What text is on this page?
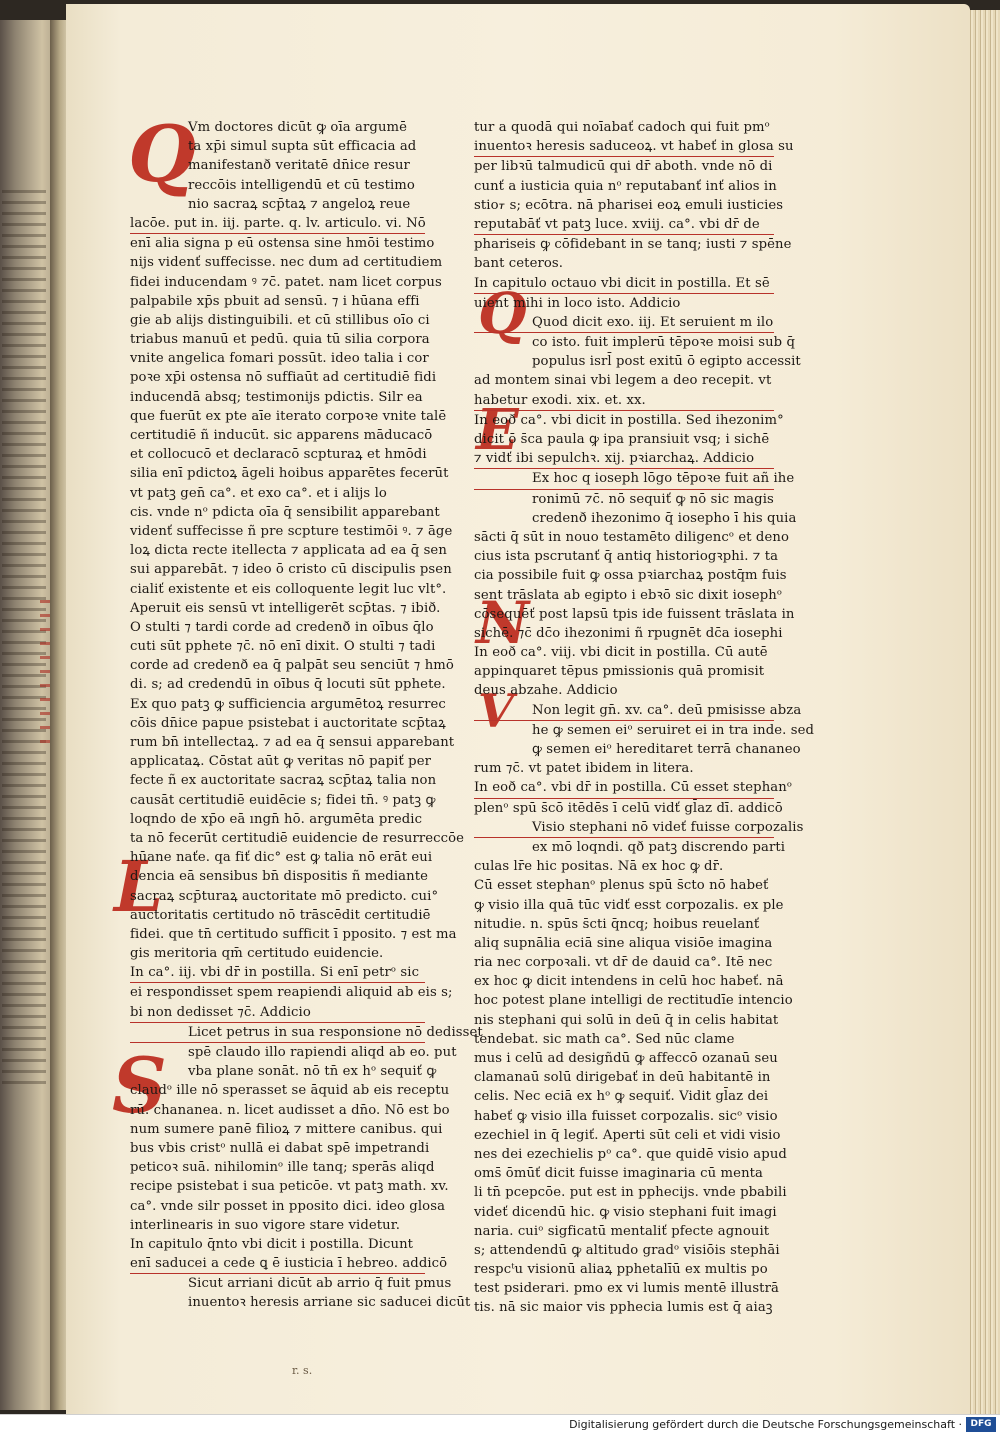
Q
L
S
Q
E
N
V
Vm doctores dicūt ꝙ oīa argumē
ta xp̄i simul supta sūt efficacia ad
manifestanð veritatē dn̄ice resur
reccōis intelligendū et cū testimo
nio sacraꝝ scp̄taꝝ ⁊ angeloꝝ reue
lacōe. put in. iij. parte. q. lv. articulo. vi. Nō
enī alia signa p eū ostensa sine hmōi testimo
nijs videnť suffecisse. nec dum ad certitudiem
fidei inducendam ꝰ ⁊c̄. patet. nam licet corpus
palpabile xp̄s pbuit ad sensū. ⁊ i hūana effi
gie ab alijs distinguibili. et cū stillibus oīo ci
triabus manuū et pedū. quia tū silia corpora
vnite angelica fomari possūt. ideo talia i cor
poꝛe xp̄i ostensa nō suffiaūt ad certitudiē fidi
inducendā absq; testimonijs pdictis. Silr ea
que fuerūt ex pte aīe iterato corpoꝛe vnite talē
certitudiē ñ inducūt. sic apparens māducacō
et collocucō et declaracō scpturaꝝ et hmōdi
silia enī pdictoꝝ āgeli hoibus apparētes fecerūt
vt patꝫ gen̄ ca°. et exo ca°. et i alijs lo
cis. vnde nᵒ pdicta oīa q̄ sensibilit apparebant
videnť suffecisse ñ pre scpture testimōi ꝰ. ⁊ āge
loꝝ dicta recte itellecta ⁊ applicata ad ea q̄ sen
sui apparebāt. ⁊ ideo ō cristo cū discipulis psen
cialiť existente et eis colloquente legit luc vlt°.
Aperuit eis sensū vt intelligerēt scp̄tas. ⁊ ibið.
O stulti ⁊ tardi corde ad credenð in oībus q̄lo
cuti sūt pphete ⁊c̄. nō enī dixit. O stulti ⁊ tadi
corde ad credenð ea q̄ palpāt seu senciūt ⁊ hmō
di. s; ad credendū in oībus q̄ locuti sūt pphete.
Ex quo patꝫ ꝙ sufficiencia argumētoꝝ resurrec
cōis dn̄ice papue psistebat i auctoritate scp̄taꝝ
rum bn̄ intellectaꝝ. ⁊ ad ea q̄ sensui apparebant
applicataꝝ. Cōstat aūt ꝙ veritas nō papiť per
fecte ñ ex auctoritate sacraꝝ scp̄taꝝ talia non
causāt certitudiē euidēcie s; fidei tn̄. ꝰ patꝫ ꝙ
loqndo de xp̄o eā ıngn̄ hō. argumēta predic
ta nō fecerūt certitudiē euidencie de resurreccōe
hūane naťe. qa fiť dic° est ꝙ talia nō erāt eui
dencia eā sensibus bn̄ dispositis ñ mediante
sacraꝝ scp̄turaꝝ auctoritate mō predicto. cui°
auctoritatis certitudo nō trāscēdit certitudiē
fidei. que tn̄ certitudo sufficit ī pposito. ⁊ est ma
gis meritoria qm̄ certitudo euidencie.
In ca°. iij. vbi dr̄ in postilla. Si enī petrᵒ sic
ei respondisset spem reapiendi aliquid ab eis s;
bi non dedisset ⁊c̄. Addicio
Licet petrus in sua responsione nō dedisset
spē claudo illo rapiendi aliqd ab eo. put
vba plane sonāt. nō tn̄ ex hᵒ sequiť ꝙ
claudᵒ ille nō sperasset se āquid ab eis receptu
rū. chananea. n. licet audisset a dn̄o. Nō est bo
num sumere panē filioꝝ ⁊ mittere canibus. qui
bus vbis cristᵒ nullā ei dabat spē impetrandi
peticoꝛ suā. nihilominᵒ ille tanq; sperās aliqd
recipe psistebat i sua peticōe. vt patꝫ math. xv.
ca°. vnde silr posset in pposito dici. ideo glosa
interlinearis in suo vigore stare videtur.
In capitulo q̄nto vbi dicit i postilla. Dicunt
enī saducei a cede ꝗ ē iusticia ī hebreo. addicō
Sicut arriani dicūt ab arrio q̄ fuit pmus
inuentoꝛ heresis arriane sic saducei dicūt
tur a quodā qui noīabať cadoch qui fuit pmᵒ
inuentoꝛ heresis saduceoꝝ. vt habeť in glosa su
per libꝛū talmudicū qui dr̄ aboth. vnde nō di
cunť a iusticia quia nᵒ reputabanť inť alios in
stio꛵ s; ecōtra. nā pharisei eoꝝ emuli iusticies
reputabāť vt patꝫ luce. xviij. ca°. vbi dr̄ de
phariseis ꝙ cōfidebant in se tanq; iusti ⁊ spēne
bant ceteros.
In capitulo octauo vbi dicit in postilla. Et sē
uient mihi in loco isto. Addicio
Quod dicit exo. iij. Et seruient m ilo
co isto. fuit implerū tēpoꝛe moisi sub q̄
populus isrl̄ post exitū ō egipto accessit
ad montem sinai vbi legem a deo recepit. vt
habetur exodi. xix. et. xx.
In eoð ca°. vbi dicit in postilla. Sed ihezonim°
dicit ō s̄ca paula ꝙ ipa pransiuit vsq; i sichē
⁊ vidť ibi sepulchꝛ. xij. pꝛiarchaꝝ. Addicio
Ex hoc q ioseph lōgo tēpoꝛe fuit añ ihe
ronimū ⁊c̄. nō sequiť ꝙ nō sic magis
credenð ihezonimo q̄ iosepho ī his quia
sācti q̄ sūt in nouo testamēto diligencᵒ et deno
cius ista pscrutanť q̄ antiq historiogꝛphi. ⁊ ta
cia possibile fuit ꝙ ossa pꝛiarchaꝝ postq̄m fuis
sent trāslata ab egipto i ebꝛō sic dixit iosephᵒ
cōsequēť post lapsū tpis ide fuissent trāslata in
sichē. ⁊c̄ dc̄o ihezonimi ñ rpugnēt dc̄a iosephi
In eoð ca°. viij. vbi dicit in postilla. Cū autē
appinquaret tēpus pmissionis quā promisit
deus abzahe. Addicio
Non legit gn̄. xv. ca°. deū pmisisse abza
he ꝙ semen eiᵒ seruiret ei in tra inde. sed
ꝙ semen eiᵒ hereditaret terrā chananeo
rum ⁊c̄. vt patet ibidem in litera.
In eoð ca°. vbi dr̄ in postilla. Cū esset stephanᵒ
plenᵒ spū s̄cō itēdēs ī celū vidť gl̄az dī. addicō
Visio stephani nō videť fuisse corpozalis
ex mō loqndi. qð patꝫ discrendo parti
culas lr̄e hic positas. Nā ex hoc ꝙ dr̄.
Cū esset stephanᵒ plenus spū s̄cto nō habeť
ꝙ visio illa quā tūc vidť esst corpozalis. ex ple
nitudie. n. spūs s̄cti q̄ncq; hoibus reuelanť
aliq supnālia eciā sine aliqua visiōe imagina
ria nec corpoꝛali. vt dr̄ de dauid ca°. Itē nec
ex hoc ꝙ dicit intendens in celū hoc habeť. nā
hoc potest plane intelligi de rectitudīe intencio
nis stephani qui solū in deū q̄ in celis habitat
tendebat. sic math ca°. Sed nūc clame
mus i celū ad desigñdū ꝙ affeccō ozanaū seu
clamanaū solū dirigebať in deū habitantē in
celis. Nec eciā ex hᵒ ꝙ sequiť. Vidit gl̄az dei
habeť ꝙ visio illa fuisset corpozalis. sicᵒ visio
ezechiel in q̄ legiť. Aperti sūt celi et vidi visio
nes dei ezechielis pᵒ ca°. que quidē visio apud
oms̄ ōmūť dicit fuisse imaginaria cū menta
li tn̄ pcepcōe. put est in pphecijs. vnde pbabili
videť dicendū hic. ꝙ visio stephani fuit imagi
naria. cuiᵒ sigficatū mentaliť pfecte agnouit
s; attendendū ꝙ altitudo gradᵒ visiōis stephāi
respcᵗu visionū aliaꝝ pphetalīū ex multis po
test psiderari. pmo ex vi lumis mentē illustrā
tis. nā sic maior vis pphecia lumis est q̄ aiaꝫ
r. s.
Digitalisierung gefördert durch die Deutsche Forschungsgemeinschaft · DFG
